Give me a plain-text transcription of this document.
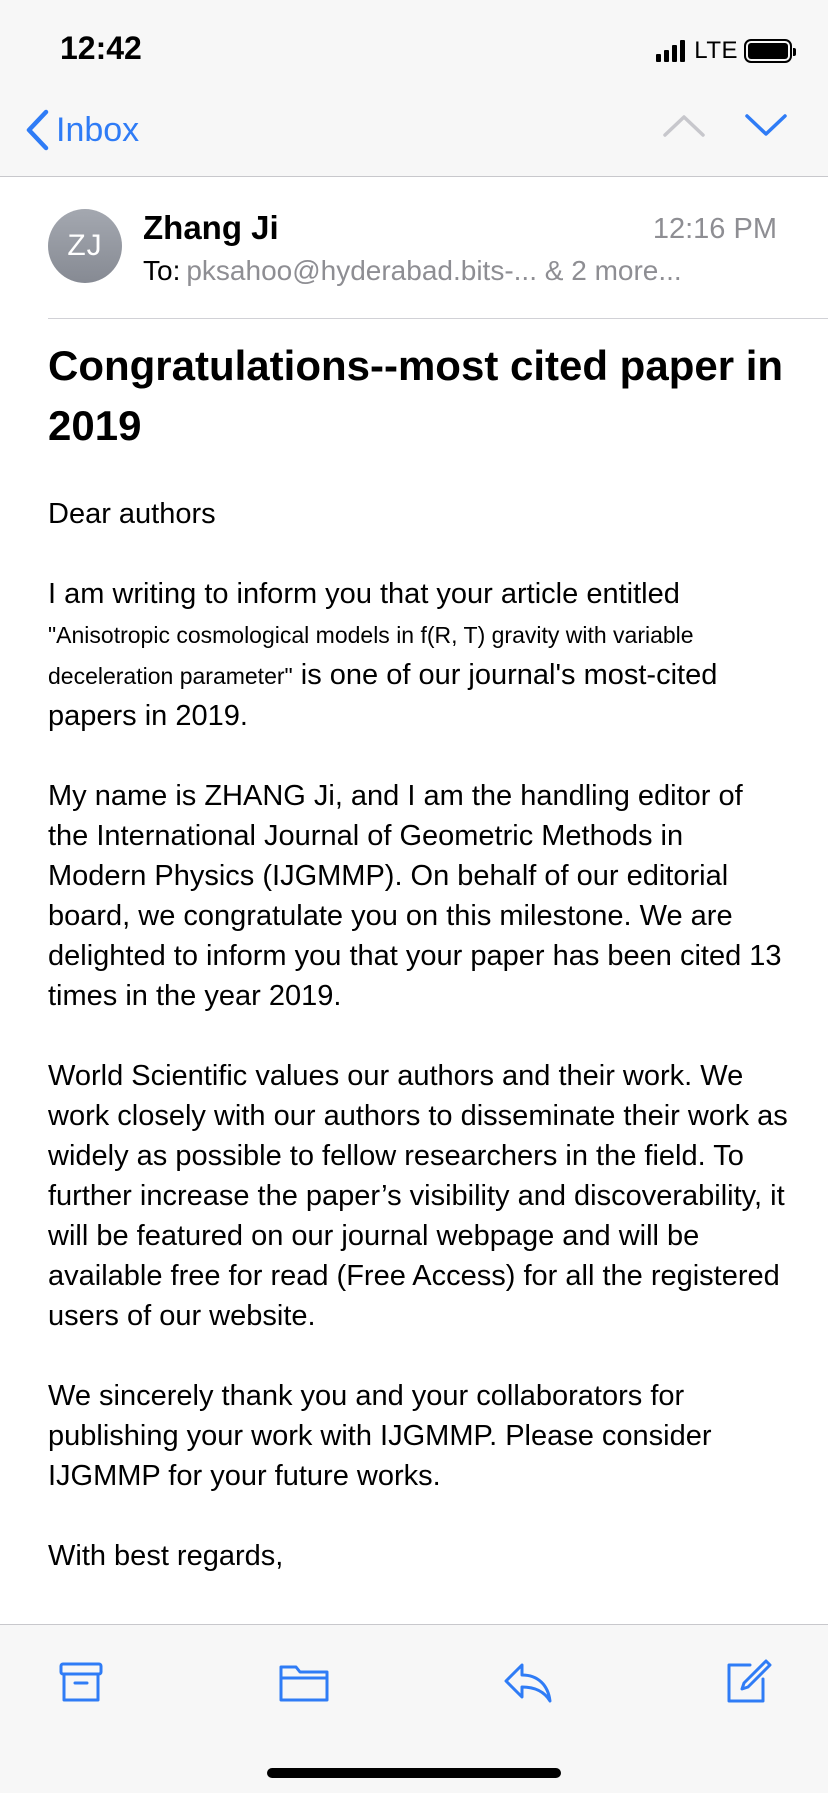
12:42	LTE
Inbox
ZJ	Zhang Ji	12:16 PM
To: pksahoo@hyderabad.bits-... & 2 more...
Congratulations--most cited paper in 2019

Dear authors

I am writing to inform you that your article entitled "Anisotropic cosmological models in f(R, T) gravity with variable deceleration parameter" is one of our journal's most-cited papers in 2019.

My name is ZHANG Ji, and I am the handling editor of the International Journal of Geometric Methods in Modern Physics (IJGMMP). On behalf of our editorial board, we congratulate you on this milestone. We are delighted to inform you that your paper has been cited 13 times in the year 2019.

World Scientific values our authors and their work. We work closely with our authors to disseminate their work as widely as possible to fellow researchers in the field. To further increase the paper’s visibility and discoverability, it will be featured on our journal webpage and will be available free for read (Free Access) for all the registered users of our website.

We sincerely thank you and your collaborators for publishing your work with IJGMMP. Please consider IJGMMP for your future works.

With best regards,
